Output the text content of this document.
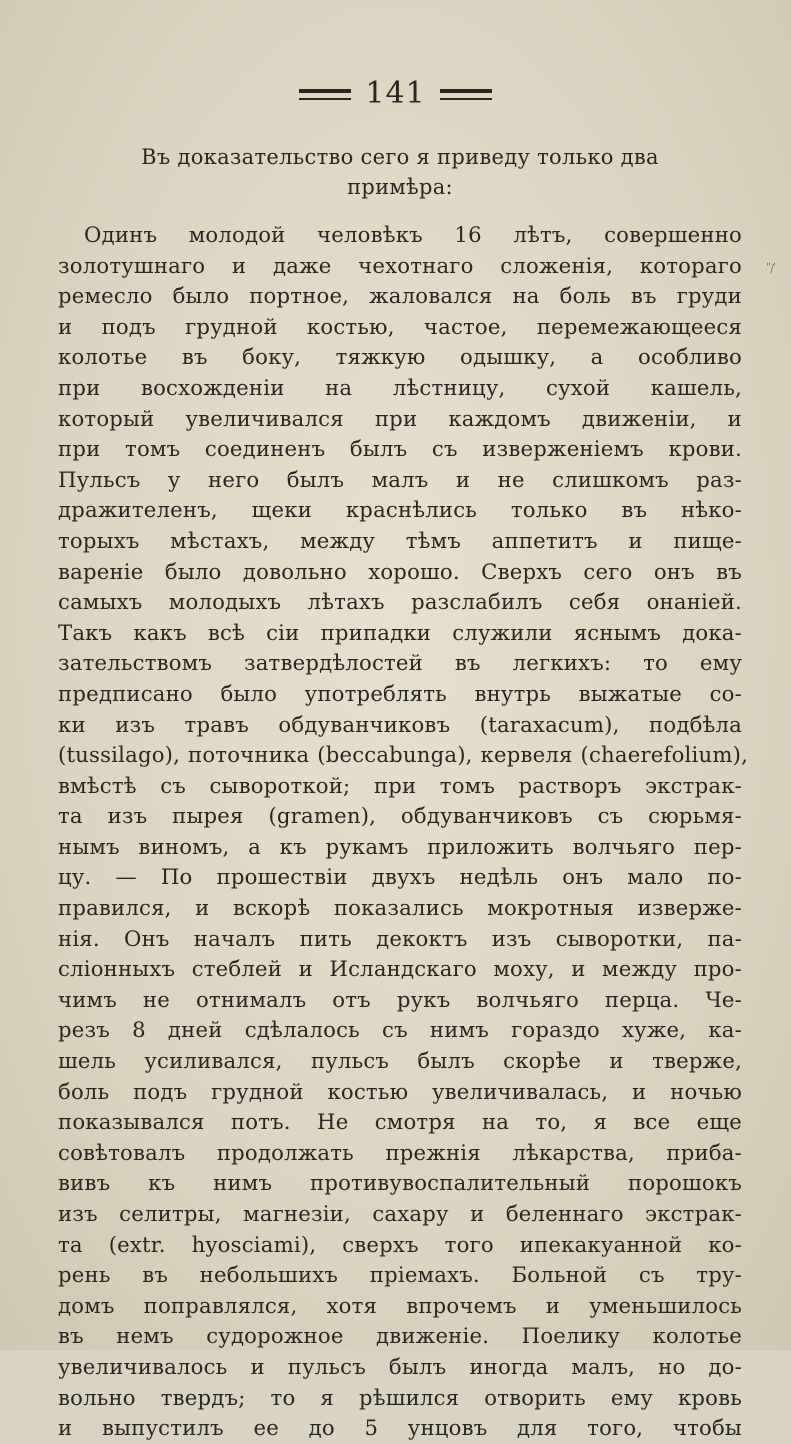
141
ʹʹ/ʹ
Въ доказательство сего я приведу только два
примѣра:
Одинъ молодой человѣкъ 16 лѣтъ, совершенно
золотушнаго и даже чехотнаго сложенія, котораго
ремесло было портное, жаловался на боль въ груди
и подъ грудной костью, частое, перемежающееся
колотье въ боку, тяжкую одышку, а особливо
при восхожденіи на лѣстницу, сухой кашель,
который увеличивался при каждомъ движеніи, и
при томъ соединенъ былъ съ изверженіемъ крови.
Пульсъ у него былъ малъ и не слишкомъ раз-
дражителенъ, щеки краснѣлись только въ нѣко-
торыхъ мѣстахъ, между тѣмъ аппетитъ и пище-
вареніе было довольно хорошо. Сверхъ сего онъ въ
самыхъ молодыхъ лѣтахъ разслабилъ себя онаніей.
Такъ какъ всѣ сіи припадки служили яснымъ дока-
зательствомъ затвердѣлостей въ легкихъ: то ему
предписано было употреблять внутрь выжатые со-
ки изъ травъ обдуванчиковъ (taraxacum), подбѣла
(tussilago), поточника (beccabunga), кервеля (chaerefolium),
вмѣстѣ съ сывороткой; при томъ растворъ экстрак-
та изъ пырея (gramen), обдуванчиковъ съ сюрьмя-
нымъ виномъ, а къ рукамъ приложить волчьяго пер-
цу. — По прошествіи двухъ недѣль онъ мало по-
правился, и вскорѣ показались мокротныя изверже-
нія. Онъ началъ пить декоктъ изъ сыворотки, па-
сліонныхъ стеблей и Исландскаго моху, и между про-
чимъ не отнималъ отъ рукъ волчьяго перца. Че-
резъ 8 дней сдѣлалось съ нимъ гораздо хуже, ка-
шель усиливался, пульсъ былъ скорѣе и тверже,
боль подъ грудной костью увеличивалась, и ночью
показывался потъ. Не смотря на то, я все еще
совѣтовалъ продолжать прежнія лѣкарства, приба-
вивъ къ нимъ противувоспалительный порошокъ
изъ селитры, магнезіи, сахару и беленнаго экстрак-
та (extr. hyosciami), сверхъ того ипекакуанной ко-
рень въ небольшихъ пріемахъ. Больной съ тру-
домъ поправлялся, хотя впрочемъ и уменьшилось
въ немъ судорожное движеніе. Поелику колотье
увеличивалось и пульсъ былъ иногда малъ, но до-
вольно твердъ; то я рѣшился отворить ему кровь
и выпустилъ ее до 5 унцовъ для того, чтобы
